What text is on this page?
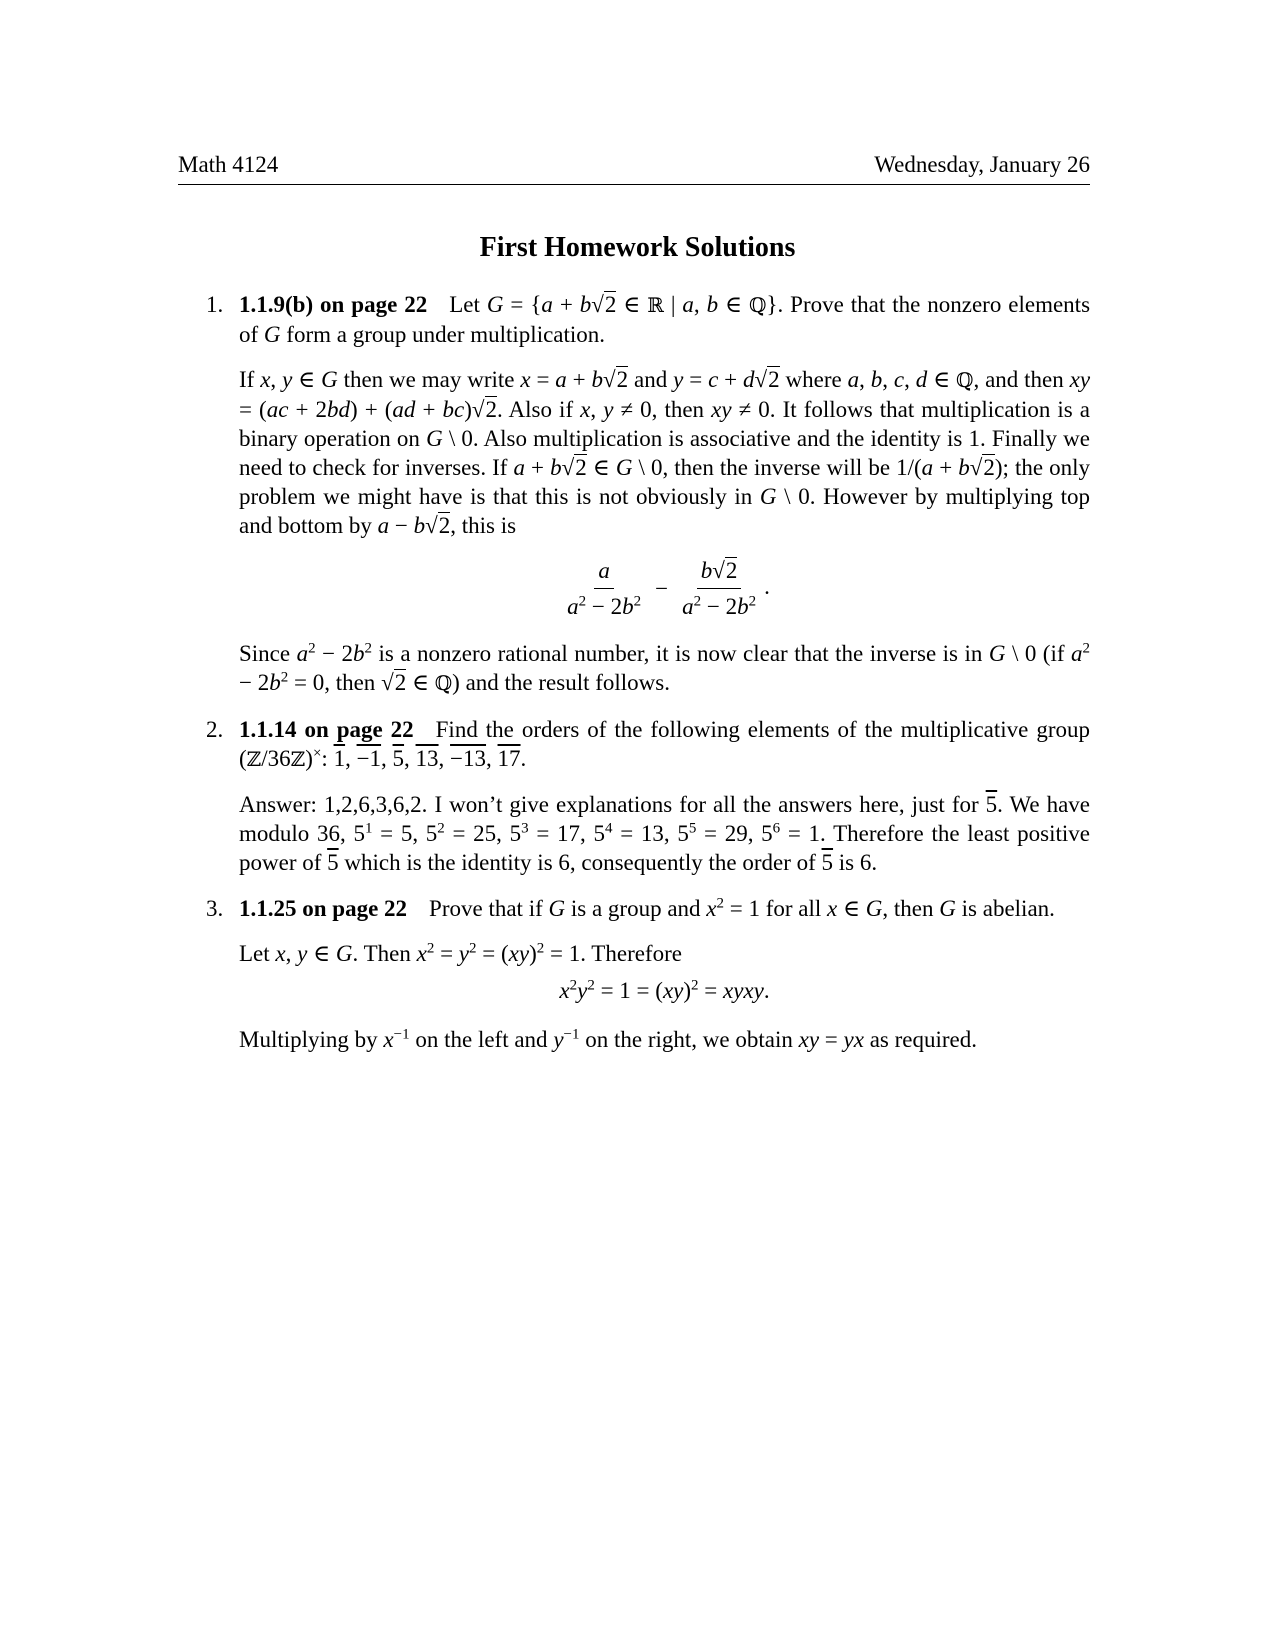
Math 4124	Wednesday, January 26
First Homework Solutions
1. 1.1.9(b) on page 22 Let G = {a + b√2 ∈ ℝ | a, b ∈ ℚ}. Prove that the nonzero elements of G form a group under multiplication.

If x, y ∈ G then we may write x = a + b√2 and y = c + d√2 where a, b, c, d ∈ ℚ, and then xy = (ac + 2bd) + (ad + bc)√2. Also if x, y ≠ 0, then xy ≠ 0. It follows that multiplication is a binary operation on G \ 0. Also multiplication is associative and the identity is 1. Finally we need to check for inverses. If a + b√2 ∈ G \ 0, then the inverse will be 1/(a + b√2); the only problem we might have is that this is not obviously in G \ 0. However by multiplying top and bottom by a − b√2, this is

$\frac{a}{a^2 - 2b^2} - \frac{b√2}{a^2 - 2b^2}$ .

Since $a^2 - 2b^2$ is a nonzero rational number, it is now clear that the inverse is in G \ 0 (if $a^2 - 2b^2 = 0$, then √2 ∈ ℚ) and the result follows.

2. 1.1.14 on page 22 Find the orders of the following elements of the multiplicative group (ℤ/36ℤ)×: 1, −1, 5, 13, −13, 17.

Answer: 1,2,6,3,6,2. I won’t give explanations for all the answers here, just for 5. We have modulo 36, $5^1 = 5$, $5^2 = 25$, $5^3 = 17$, $5^4 = 13$, $5^5 = 29$, $5^6 = 1$. Therefore the least positive power of 5 which is the identity is 6, consequently the order of 5 is 6.

3. 1.1.25 on page 22 Prove that if G is a group and $x^2 = 1$ for all x ∈ G, then G is abelian.

Let x, y ∈ G. Then $x^2 = y^2 = (xy)^2 = 1$. Therefore

$x^2y^2 = 1 = (xy)^2$ = xyxy.

Multiplying by $x^{-1}$ on the left and $y^{-1}$ on the right, we obtain xy = yx as required.
